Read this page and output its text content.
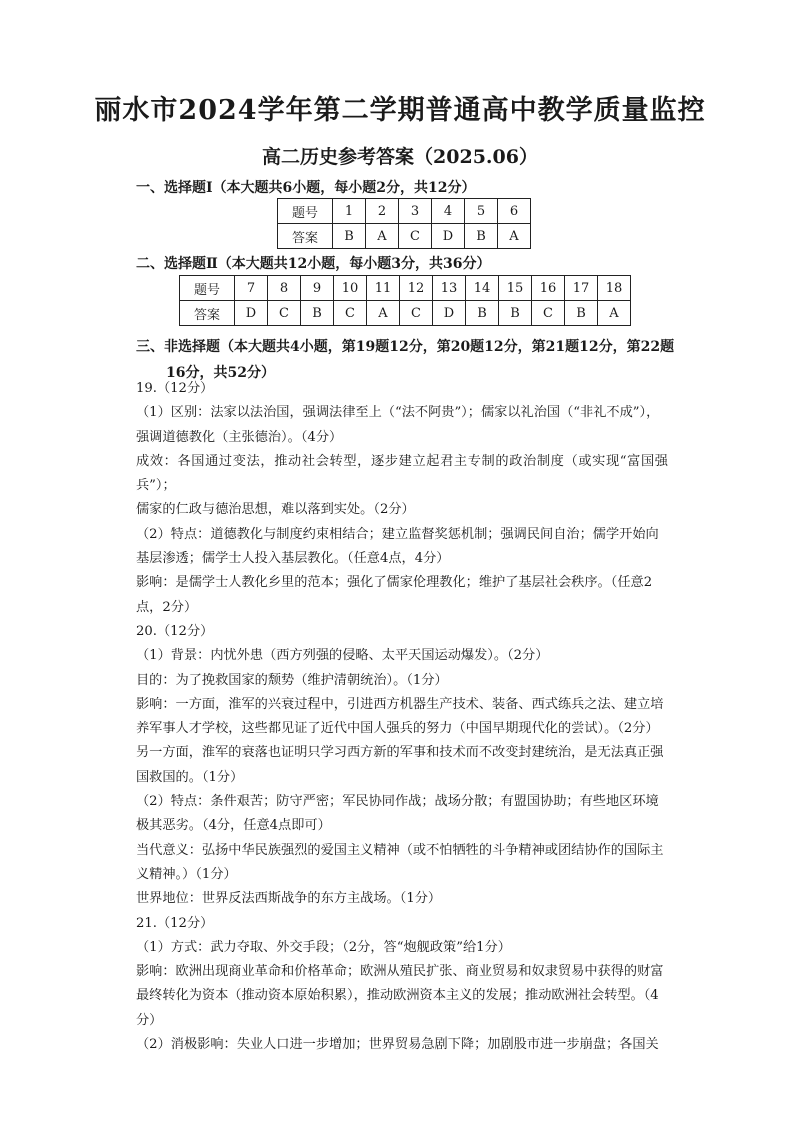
丽水市2024学年第二学期普通高中教学质量监控
高二历史参考答案（2025.06）
一、选择题Ⅰ（本大题共6小题，每小题2分，共12分）
题号	1	2	3	4	5	6
答案	B	A	C	D	B	A
二、选择题Ⅱ（本大题共12小题，每小题3分，共36分）
题号	7	8	9	10	11	12	13	14	15	16	17	18
答案	D	C	B	C	A	C	D	B	B	C	B	A
三、非选择题（本大题共4小题，第19题12分，第20题12分，第21题12分，第22题
16分，共52分）

19.（12分）

（1）区别：法家以法治国，强调法律至上（“法不阿贵”）；儒家以礼治国（“非礼不成”），

强调道德教化（主张德治）。（4分）

成效：各国通过变法，推动社会转型，逐步建立起君主专制的政治制度（或实现“富国强兵”）；

儒家的仁政与德治思想，难以落到实处。（2分）

（2）特点：道德教化与制度约束相结合；建立监督奖惩机制；强调民间自治；儒学开始向

基层渗透；儒学士人投入基层教化。（任意4点，4分）

影响：是儒学士人教化乡里的范本；强化了儒家伦理教化；维护了基层社会秩序。（任意2

点，2分）

20.（12分）

（1）背景：内忧外患（西方列强的侵略、太平天国运动爆发）。（2分）

目的：为了挽救国家的颓势（维护清朝统治）。（1分）

影响：一方面，淮军的兴衰过程中，引进西方机器生产技术、装备、西式练兵之法、建立培

养军事人才学校，这些都见证了近代中国人强兵的努力（中国早期现代化的尝试）。（2分）

另一方面，淮军的衰落也证明只学习西方新的军事和技术而不改变封建统治，是无法真正强

国救国的。（1分）

（2）特点：条件艰苦；防守严密；军民协同作战；战场分散；有盟国协助；有些地区环境

极其恶劣。（4分，任意4点即可）

当代意义：弘扬中华民族强烈的爱国主义精神（或不怕牺牲的斗争精神或团结协作的国际主

义精神。）（1分）

世界地位：世界反法西斯战争的东方主战场。（1分）

21.（12分）

（1）方式：武力夺取、外交手段；（2分，答“炮舰政策”给1分）

影响：欧洲出现商业革命和价格革命；欧洲从殖民扩张、商业贸易和奴隶贸易中获得的财富

最终转化为资本（推动资本原始积累），推动欧洲资本主义的发展；推动欧洲社会转型。（4

分）

（2）消极影响：失业人口进一步增加；世界贸易急剧下降；加剧股市进一步崩盘；各国关
